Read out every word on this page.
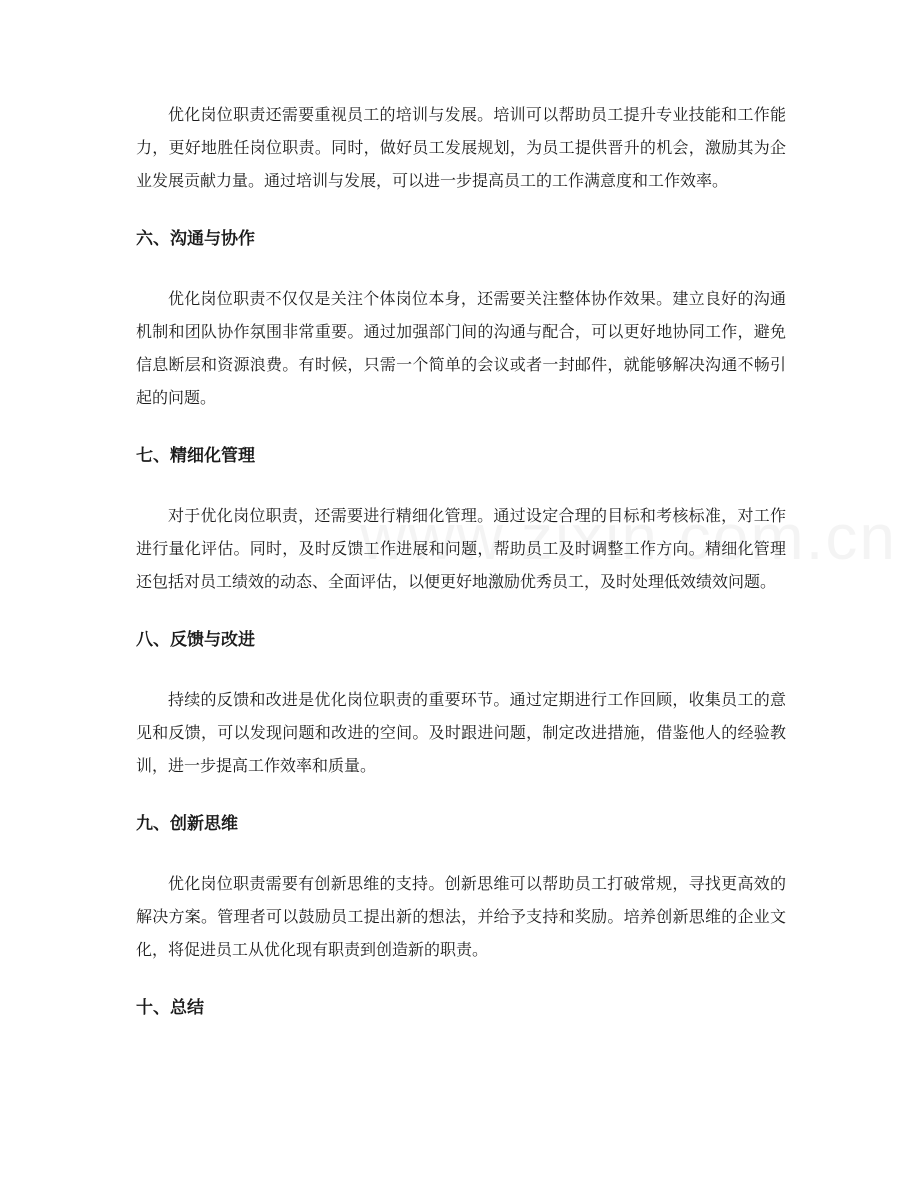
优化岗位职责还需要重视员工的培训与发展。培训可以帮助员工提升专业技能和工作能力，更好地胜任岗位职责。同时，做好员工发展规划，为员工提供晋升的机会，激励其为企业发展贡献力量。通过培训与发展，可以进一步提高员工的工作满意度和工作效率。

六、沟通与协作

优化岗位职责不仅仅是关注个体岗位本身，还需要关注整体协作效果。建立良好的沟通机制和团队协作氛围非常重要。通过加强部门间的沟通与配合，可以更好地协同工作，避免信息断层和资源浪费。有时候，只需一个简单的会议或者一封邮件，就能够解决沟通不畅引起的问题。

七、精细化管理

对于优化岗位职责，还需要进行精细化管理。通过设定合理的目标和考核标准，对工作进行量化评估。同时，及时反馈工作进展和问题，帮助员工及时调整工作方向。精细化管理还包括对员工绩效的动态、全面评估，以便更好地激励优秀员工，及时处理低效绩效问题。

八、反馈与改进

持续的反馈和改进是优化岗位职责的重要环节。通过定期进行工作回顾，收集员工的意见和反馈，可以发现问题和改进的空间。及时跟进问题，制定改进措施，借鉴他人的经验教训，进一步提高工作效率和质量。

九、创新思维

优化岗位职责需要有创新思维的支持。创新思维可以帮助员工打破常规，寻找更高效的解决方案。管理者可以鼓励员工提出新的想法，并给予支持和奖励。培养创新思维的企业文化，将促进员工从优化现有职责到创造新的职责。

十、总结
